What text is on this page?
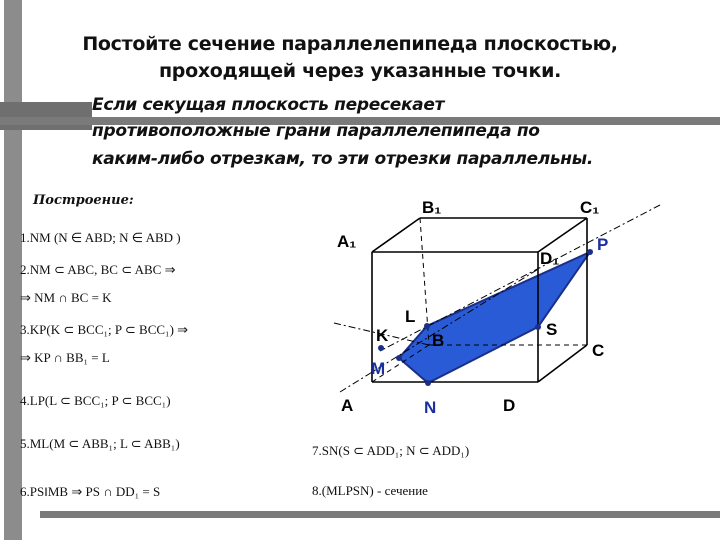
Постойте сечение параллелепипеда плоскостью,
проходящей через указанные точки.
Если секущая плоскость пересекает
противоположные грани параллелепипеда по
каким-либо отрезкам, то эти отрезки параллельны.
Построение:
1.NM (N ∈ ABD; N ∈ ABD )
2.NM ⊂ ABC, BC ⊂ ABC ⇒
⇒ NM ∩ BC = K
3.KP(K ⊂ BCC₁; P ⊂ BCC₁) ⇒
⇒ KP ∩ BB₁ = L
4.LP(L ⊂ BCC₁; P ⊂ BCC₁)
5.ML(M ⊂ ABB₁; L ⊂ ABB₁)
6.PS‖MB ⇒ PS ∩ DD₁ = S
7.SN(S ⊂ ADD₁; N ⊂ ADD₁)
8.(MLPSN) - сечение
A₁
B₁	C₁
D₁
A
B
C
D
K
L
M
N
P
S
